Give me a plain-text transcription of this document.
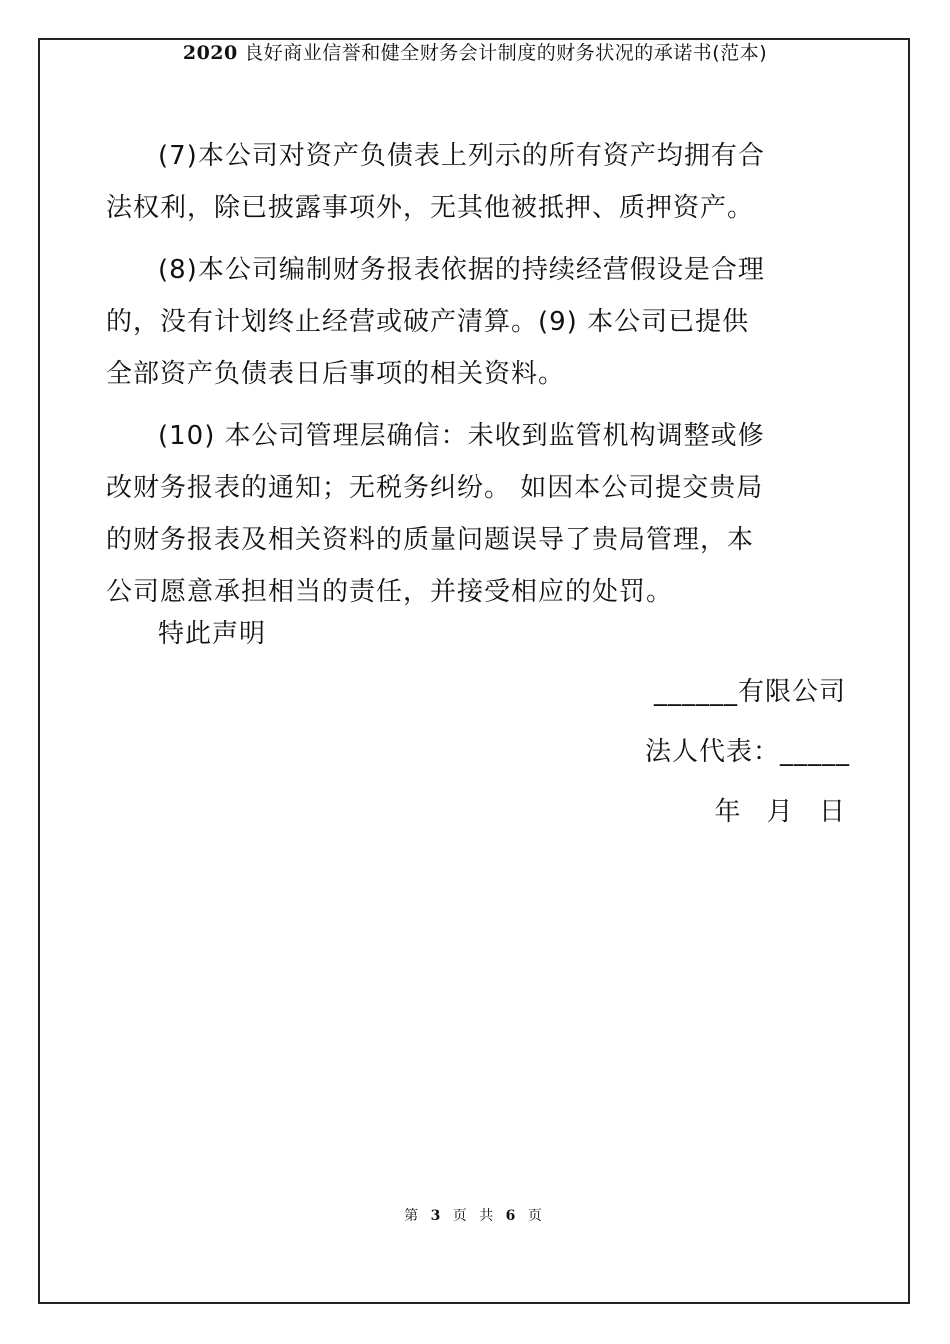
2020 良好商业信誉和健全财务会计制度的财务状况的承诺书(范本)

(7)本公司对资产负债表上列示的所有资产均拥有合法权利，除已披露事项外，无其他被抵押、质押资产。

(8)本公司编制财务报表依据的持续经营假设是合理的，没有计划终止经营或破产清算。(9) 本公司已提供全部资产负债表日后事项的相关资料。

(10) 本公司管理层确信：未收到监管机构调整或修改财务报表的通知；无税务纠纷。 如因本公司提交贵局的财务报表及相关资料的质量问题误导了贵局管理，本公司愿意承担相当的责任，并接受相应的处罚。

特此声明

______有限公司
法人代表：_____
年 月 日
第 3 页 共 6 页
